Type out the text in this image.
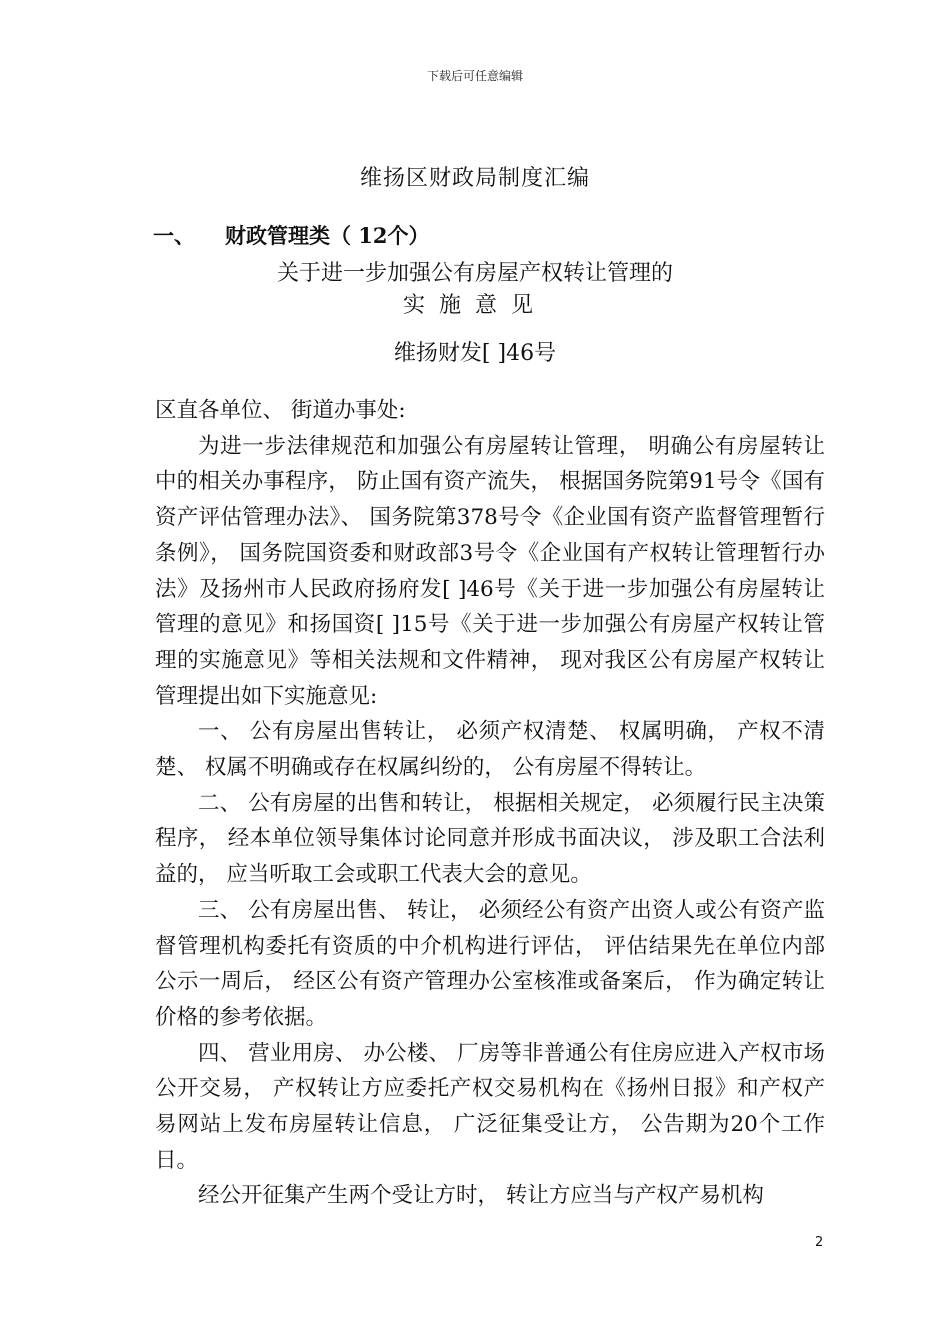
下载后可任意编辑
维扬区财政局制度汇编
一、 财政管理类（ 12个）
关于进一步加强公有房屋产权转让管理的
实施意见
维扬财发[ ]46号

区直各单位、 街道办事处:

为进一步法律规范和加强公有房屋转让管理， 明确公有房屋转让中的相关办事程序， 防止国有资产流失， 根据国务院第91号令《国有资产评估管理办法》、 国务院第378号令《企业国有资产监督管理暂行条例》， 国务院国资委和财政部3号令《企业国有产权转让管理暂行办法》及扬州市人民政府扬府发[ ]46号《关于进一步加强公有房屋转让管理的意见》和扬国资[ ]15号《关于进一步加强公有房屋产权转让管理的实施意见》等相关法规和文件精神， 现对我区公有房屋产权转让管理提出如下实施意见:

一、 公有房屋出售转让， 必须产权清楚、 权属明确， 产权不清楚、 权属不明确或存在权属纠纷的， 公有房屋不得转让。

二、 公有房屋的出售和转让， 根据相关规定， 必须履行民主决策程序， 经本单位领导集体讨论同意并形成书面决议， 涉及职工合法利益的， 应当听取工会或职工代表大会的意见。

三、 公有房屋出售、 转让， 必须经公有资产出资人或公有资产监督管理机构委托有资质的中介机构进行评估， 评估结果先在单位内部公示一周后， 经区公有资产管理办公室核准或备案后， 作为确定转让价格的参考依据。

四、 营业用房、 办公楼、 厂房等非普通公有住房应进入产权市场公开交易， 产权转让方应委托产权交易机构在《扬州日报》和产权产易网站上发布房屋转让信息， 广泛征集受让方， 公告期为20个工作日。

经公开征集产生两个受让方时， 转让方应当与产权产易机构

2
